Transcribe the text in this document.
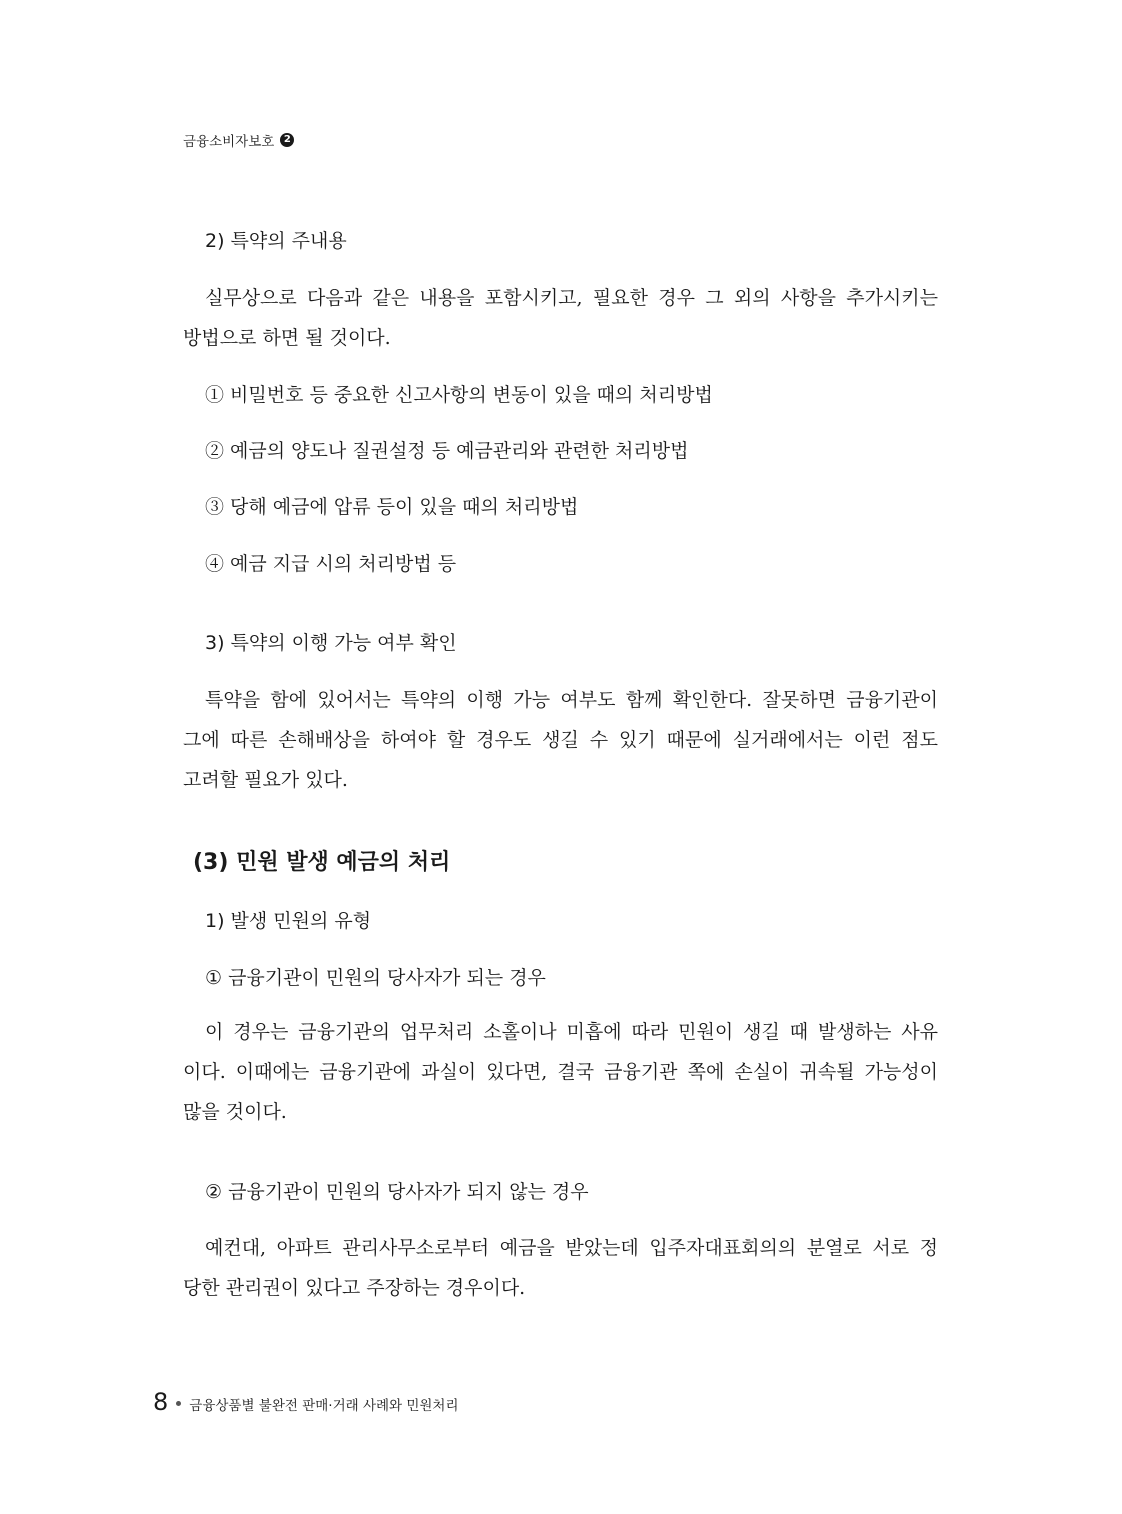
금융소비자보호 2
2) 특약의 주내용
실무상으로 다음과 같은 내용을 포함시키고, 필요한 경우 그 외의 사항을 추가시키는
방법으로 하면 될 것이다.
① 비밀번호 등 중요한 신고사항의 변동이 있을 때의 처리방법
② 예금의 양도나 질권설정 등 예금관리와 관련한 처리방법
③ 당해 예금에 압류 등이 있을 때의 처리방법
④ 예금 지급 시의 처리방법 등
3) 특약의 이행 가능 여부 확인
특약을 함에 있어서는 특약의 이행 가능 여부도 함께 확인한다. 잘못하면 금융기관이
그에 따른 손해배상을 하여야 할 경우도 생길 수 있기 때문에 실거래에서는 이런 점도
고려할 필요가 있다.
(3) 민원 발생 예금의 처리
1) 발생 민원의 유형
① 금융기관이 민원의 당사자가 되는 경우
이 경우는 금융기관의 업무처리 소홀이나 미흡에 따라 민원이 생길 때 발생하는 사유
이다. 이때에는 금융기관에 과실이 있다면, 결국 금융기관 쪽에 손실이 귀속될 가능성이
많을 것이다.
② 금융기관이 민원의 당사자가 되지 않는 경우
예컨대, 아파트 관리사무소로부터 예금을 받았는데 입주자대표회의의 분열로 서로 정
당한 관리권이 있다고 주장하는 경우이다.
8 금융상품별 불완전 판매·거래 사례와 민원처리
